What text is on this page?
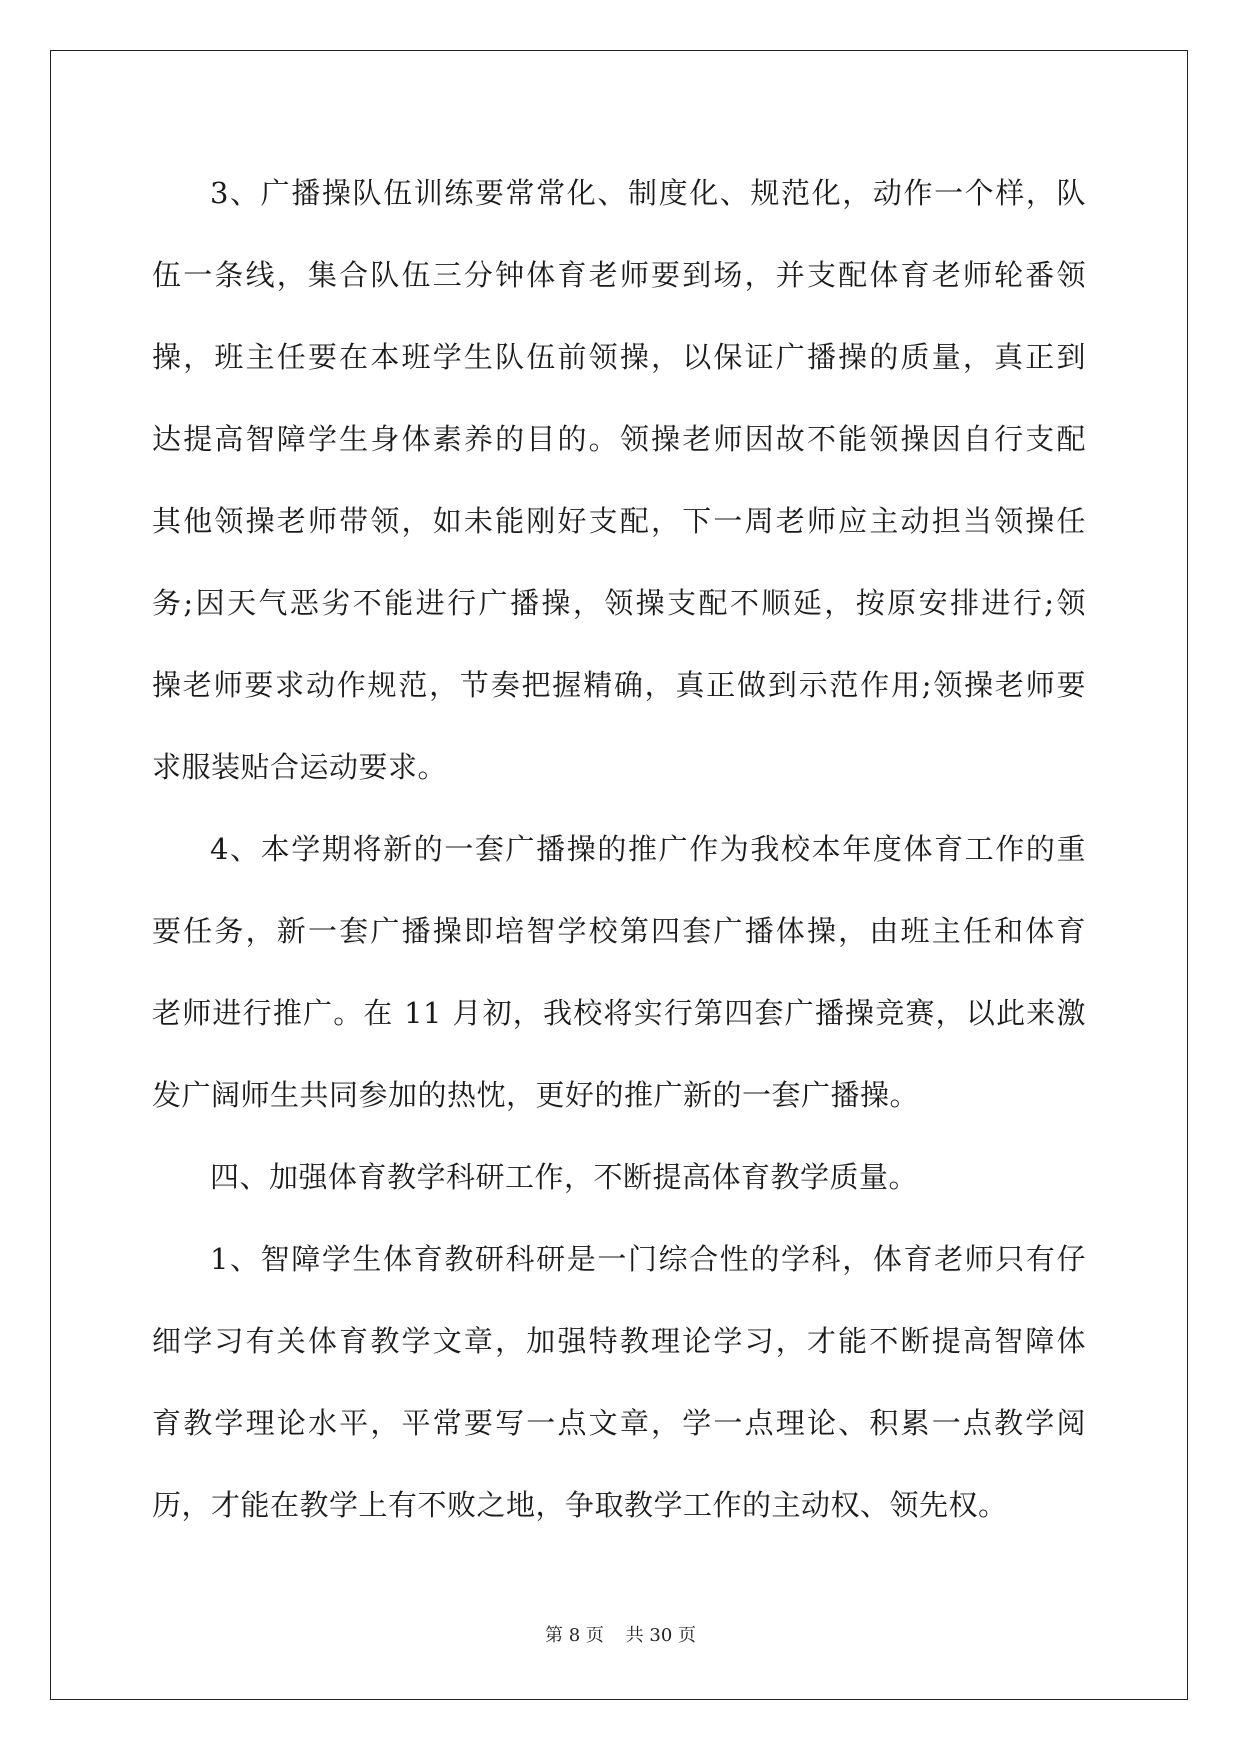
3、广播操队伍训练要常常化、制度化、规范化，动作一个样，队
伍一条线，集合队伍三分钟体育老师要到场，并支配体育老师轮番领
操，班主任要在本班学生队伍前领操，以保证广播操的质量，真正到
达提高智障学生身体素养的目的。领操老师因故不能领操因自行支配
其他领操老师带领，如未能刚好支配，下一周老师应主动担当领操任
务;因天气恶劣不能进行广播操，领操支配不顺延，按原安排进行;领
操老师要求动作规范，节奏把握精确，真正做到示范作用;领操老师要
求服装贴合运动要求。
4、本学期将新的一套广播操的推广作为我校本年度体育工作的重
要任务，新一套广播操即培智学校第四套广播体操，由班主任和体育
老师进行推广。在 11 月初，我校将实行第四套广播操竞赛，以此来激
发广阔师生共同参加的热忱，更好的推广新的一套广播操。
四、加强体育教学科研工作，不断提高体育教学质量。
1、智障学生体育教研科研是一门综合性的学科，体育老师只有仔
细学习有关体育教学文章，加强特教理论学习，才能不断提高智障体
育教学理论水平，平常要写一点文章，学一点理论、积累一点教学阅
历，才能在教学上有不败之地，争取教学工作的主动权、领先权。
第 8 页 共 30 页
